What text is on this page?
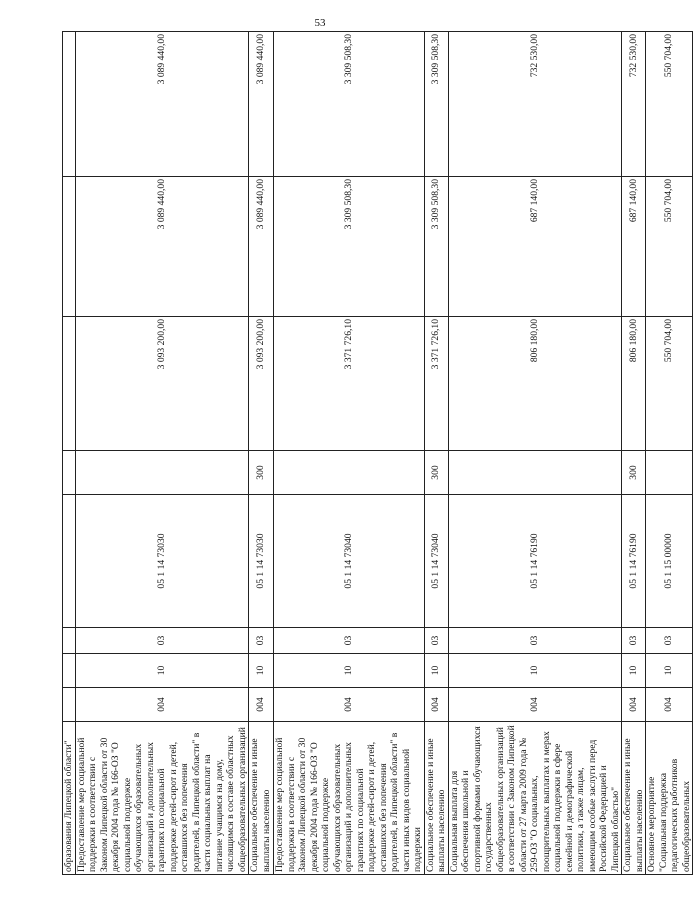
53
образования Липецкой области"								
Предоставление мер социальной поддержки в соответствии с Законом Липецкой области от 30 декабря 2004 года № 166-ОЗ "О социальной поддержке обучающихся образовательных организаций и дополнительных гарантиях по социальной поддержке детей-сирот и детей, оставшихся без попечения родителей, в Липецкой области" в части социальных выплат на питание учащимся на дому, числящимся в составе областных общеобразовательных организаций	004	10	03	05 1 14 73030		3 093 200,00	3 089 440,00	3 089 440,00
Социальное обеспечение и иные выплаты населению	004	10	03	05 1 14 73030	300	3 093 200,00	3 089 440,00	3 089 440,00
Предоставление мер социальной поддержки в соответствии с Законом Липецкой области от 30 декабря 2004 года № 166-ОЗ "О социальной поддержке обучающихся образовательных организаций и дополнительных гарантиях по социальной поддержке детей-сирот и детей, оставшихся без попечения родителей, в Липецкой области" в части иных видов социальной поддержки	004	10	03	05 1 14 73040		3 371 726,10	3 309 508,30	3 309 508,30
Социальное обеспечение и иные выплаты населению	004	10	03	05 1 14 73040	300	3 371 726,10	3 309 508,30	3 309 508,30
Социальная выплата для обеспечения школьной и спортивной формами обучающихся государственных общеобразовательных организаций в соответствии с Законом Липецкой области от 27 марта 2009 года № 259-ОЗ "О социальных, поощрительных выплатах и мерах социальной поддержки в сфере семейной и демографической политики, а также лицам, имеющим особые заслуги перед Российской Федерацией и Липецкой областью"	004	10	03	05 1 14 76190		806 180,00	687 140,00	732 530,00
Социальное обеспечение и иные выплаты населению	004	10	03	05 1 14 76190	300	806 180,00	687 140,00	732 530,00
Основное мероприятие "Социальная поддержка педагогических работников общеобразовательных	004	10	03	05 1 15 00000		550 704,00	550 704,00	550 704,00
